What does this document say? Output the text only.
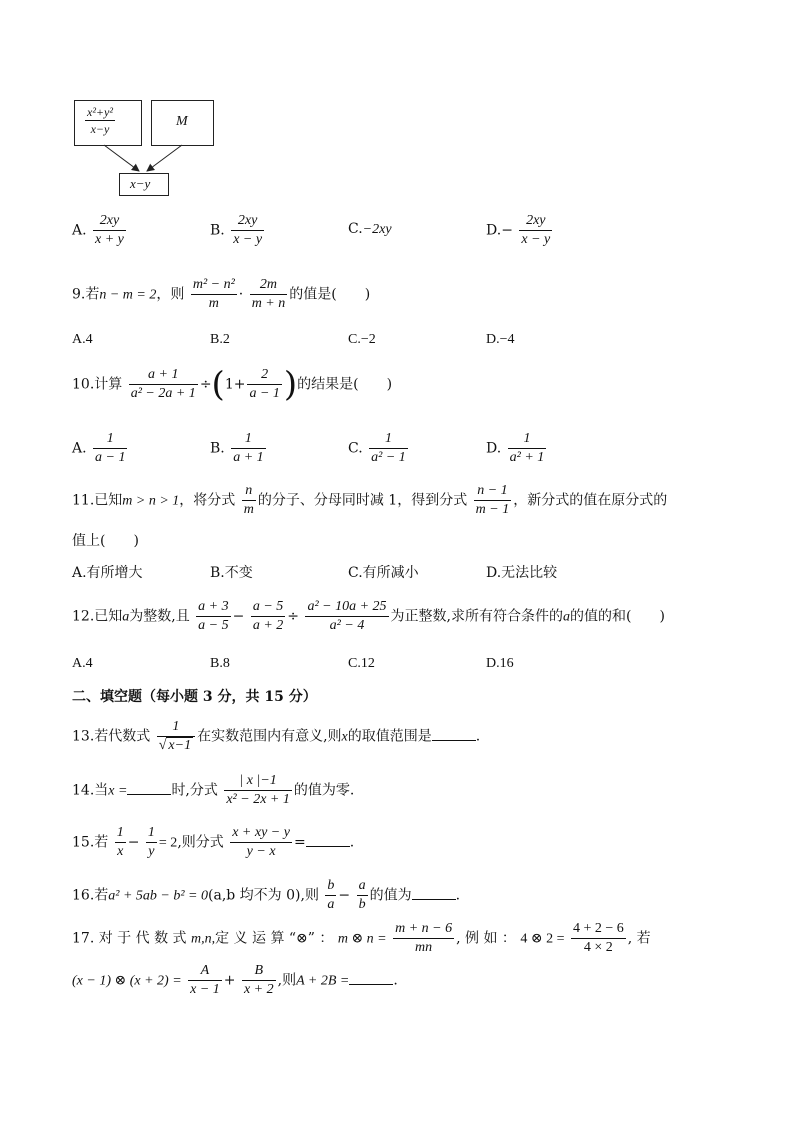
$\frac{\text{x²+y²}}{x-y}$	M
x−y
A. $\frac{2xy}{x + y}$	B. $\frac{2xy}{x - y}$	C.−2xy	$D.- \frac{2xy}{x - y}$
9.若n − m = 2，则 $\frac{\text{m² − n²}}{m} \cdot \frac{2m}{m + n}$ 的值是(　　)
A.4	B.2	C.−2	D.−4
10.计算 $\frac{a + 1}{\text{a² − 2a + 1}} \div(1+ \frac{2}{a - 1}$ )的结果是(　　)
A. $\frac{1}{a - 1}$	B. $\frac{1}{a + 1}$	C. $\frac{1}{\text{a² − 1}}$	D. $\frac{1}{\text{a² + 1}}$
11.已知m > n > 1，将分式 $\frac{n}{m}$ 的分子、分母同时减 1，得到分式 $\frac{n - 1}{m - 1}$ ，新分式的值在原分式的
值上(　　)
A.有所增大	B.不变	C.有所减小	D.无法比较
12.已知a为整数,且 $\frac{a + 3}{a - 5} - \frac{a - 5}{a + 2} \div \frac{\text{a² − 10a + 25}}{\text{a² − 4}}$ 为正整数,求所有符合条件的a的值的和(　　)
A.4	B.8	C.12	D.16
二、填空题（每小题 3 分，共 15 分）
13.若代数式 $\frac{1}{√ x-1}$ 在实数范围内有意义,则x的取值范围是	.
14.当x =	时,分式 $\frac{| x |-1}{\text{x² − 2x + 1}}$ 的值为零.
15.若 $\frac{1}{x} - \frac{1}{y} = 2$,则分式 $\frac{x + xy - y}{y - x}$ =	.
16.若a² + 5ab − b² = 0(a,b 均不为 0),则 $\frac{b}{a} - \frac{a}{b}$ 的值为	.
17. 对 于 代 数 式 m,n,定 义 运 算 “⊗” ： m ⊗ $n = \frac{m + n - 6}{mn}$ , 例 如 ： 4 ⊗ $2 = \frac{4 + 2 - 6}{4 \times 2}$ , 若
(x − 1) ⊗ $(x + 2) = \frac{A}{x - 1} + \frac{B}{x + 2}$ ,则A + 2B =	.
